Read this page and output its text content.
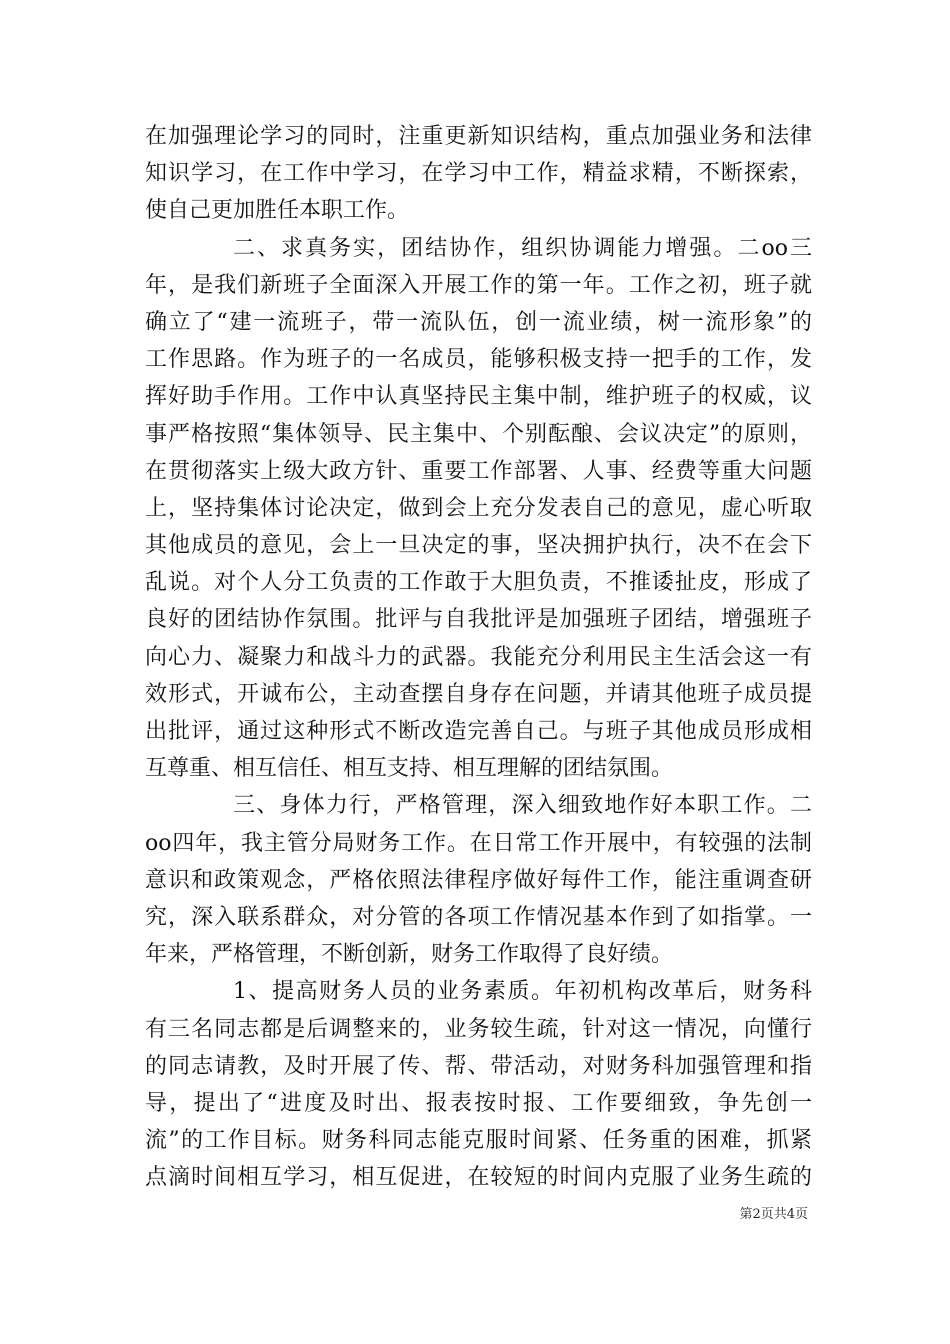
在加强理论学习的同时，注重更新知识结构，重点加强业务和法律
知识学习，在工作中学习，在学习中工作，精益求精，不断探索，
使自己更加胜任本职工作。
二、求真务实，团结协作，组织协调能力增强。二oo三
年，是我们新班子全面深入开展工作的第一年。工作之初，班子就
确立了“建一流班子，带一流队伍，创一流业绩，树一流形象”的
工作思路。作为班子的一名成员，能够积极支持一把手的工作，发
挥好助手作用。工作中认真坚持民主集中制，维护班子的权威，议
事严格按照“集体领导、民主集中、个别酝酿、会议决定”的原则，
在贯彻落实上级大政方针、重要工作部署、人事、经费等重大问题
上，坚持集体讨论决定，做到会上充分发表自己的意见，虚心听取
其他成员的意见，会上一旦决定的事，坚决拥护执行，决不在会下
乱说。对个人分工负责的工作敢于大胆负责，不推诿扯皮，形成了
良好的团结协作氛围。批评与自我批评是加强班子团结，增强班子
向心力、凝聚力和战斗力的武器。我能充分利用民主生活会这一有
效形式，开诚布公，主动查摆自身存在问题，并请其他班子成员提
出批评，通过这种形式不断改造完善自己。与班子其他成员形成相
互尊重、相互信任、相互支持、相互理解的团结氛围。
三、身体力行，严格管理，深入细致地作好本职工作。二
oo四年，我主管分局财务工作。在日常工作开展中，有较强的法制
意识和政策观念，严格依照法律程序做好每件工作，能注重调查研
究，深入联系群众，对分管的各项工作情况基本作到了如指掌。一
年来，严格管理，不断创新，财务工作取得了良好绩。
1、提高财务人员的业务素质。年初机构改革后，财务科
有三名同志都是后调整来的，业务较生疏，针对这一情况，向懂行
的同志请教，及时开展了传、帮、带活动，对财务科加强管理和指
导，提出了“进度及时出、报表按时报、工作要细致，争先创一
流”的工作目标。财务科同志能克服时间紧、任务重的困难，抓紧
点滴时间相互学习，相互促进，在较短的时间内克服了业务生疏的
第2页共4页
